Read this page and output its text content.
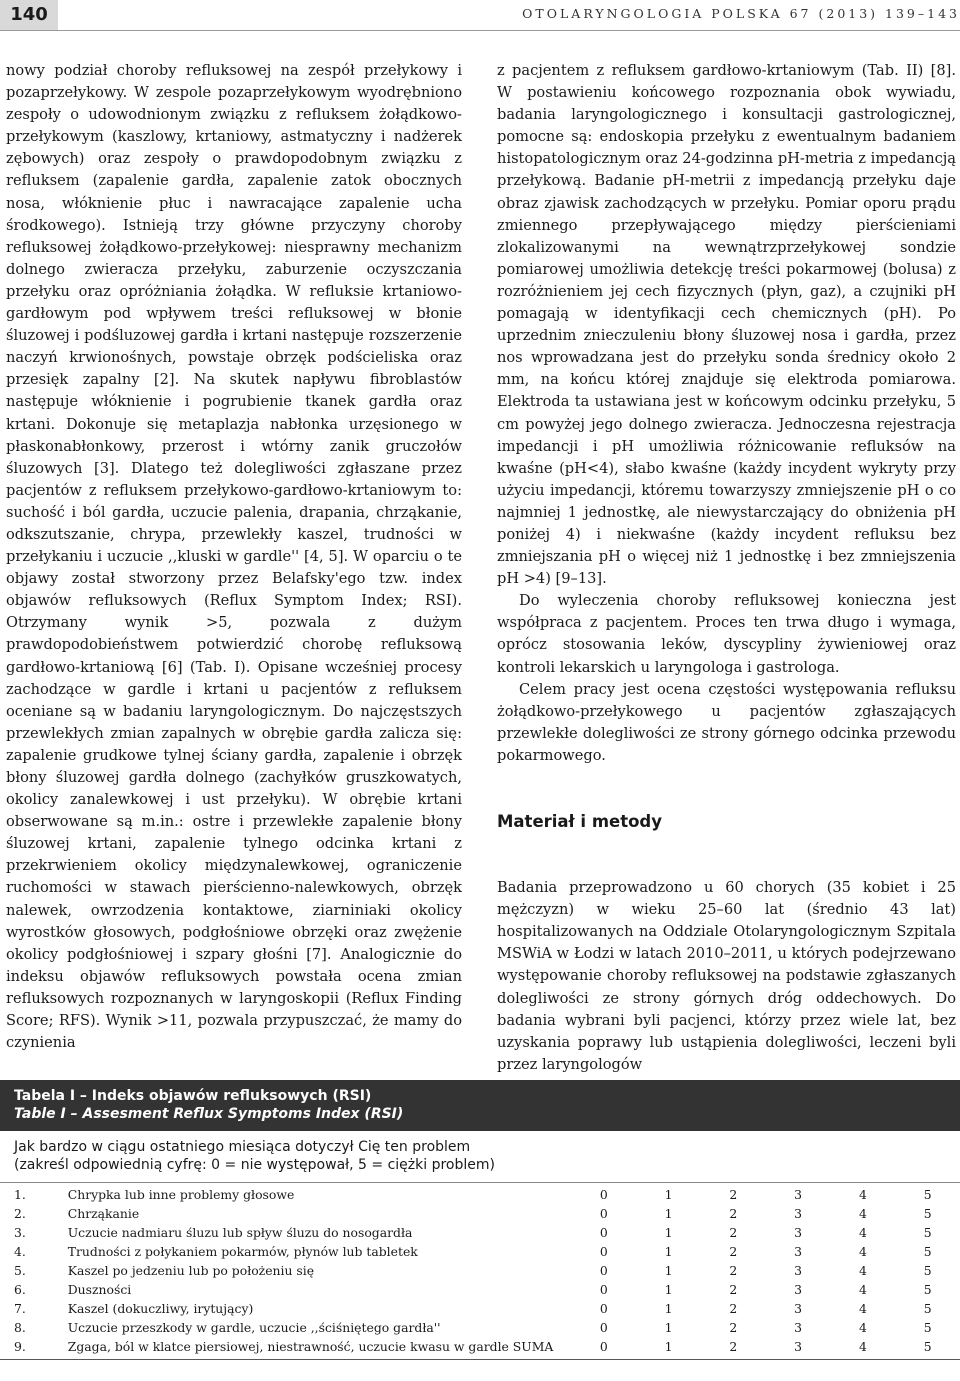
140	OTOLARYNGOLOGIA POLSKA 67 (2013) 139–143

nowy podział choroby refluksowej na zespół przełykowy i pozaprzełykowy. W zespole pozaprzełykowym wyodrębniono zespoły o udowodnionym związku z refluksem żołądkowo-przełykowym (kaszlowy, krtaniowy, astmatyczny i nadżerek zębowych) oraz zespoły o prawdopodobnym związku z refluksem (zapalenie gardła, zapalenie zatok obocznych nosa, włóknienie płuc i nawracające zapalenie ucha środkowego). Istnieją trzy główne przyczyny choroby refluksowej żołądkowo-przełykowej: niesprawny mechanizm dolnego zwieracza przełyku, zaburzenie oczyszczania przełyku oraz opróżniania żołądka. W refluksie krtaniowo-gardłowym pod wpływem treści refluksowej w błonie śluzowej i podśluzowej gardła i krtani następuje rozszerzenie naczyń krwionośnych, powstaje obrzęk podścieliska oraz przesięk zapalny [2]. Na skutek napływu fibroblastów następuje włóknienie i pogrubienie tkanek gardła oraz krtani. Dokonuje się metaplazja nabłonka urzęsionego w płaskonabłonkowy, przerost i wtórny zanik gruczołów śluzowych [3]. Dlatego też dolegliwości zgłaszane przez pacjentów z refluksem przełykowo-gardłowo-krtaniowym to: suchość i ból gardła, uczucie palenia, drapania, chrząkanie, odkszutszanie, chrypa, przewlekły kaszel, trudności w przełykaniu i uczucie ,,kluski w gardle'' [4, 5]. W oparciu o te objawy został stworzony przez Belafsky'ego tzw. index objawów refluksowych (Reflux Symptom Index; RSI). Otrzymany wynik >5, pozwala z dużym prawdopodobieństwem potwierdzić chorobę refluksową gardłowo-krtaniową [6] (Tab. I). Opisane wcześniej procesy zachodzące w gardle i krtani u pacjentów z refluksem oceniane są w badaniu laryngologicznym. Do najczęstszych przewlekłych zmian zapalnych w obrębie gardła zalicza się: zapalenie grudkowe tylnej ściany gardła, zapalenie i obrzęk błony śluzowej gardła dolnego (zachyłków gruszkowatych, okolicy zanalewkowej i ust przełyku). W obrębie krtani obserwowane są m.in.: ostre i przewlekłe zapalenie błony śluzowej krtani, zapalenie tylnego odcinka krtani z przekrwieniem okolicy międzynalewkowej, ograniczenie ruchomości w stawach pierścienno-nalewkowych, obrzęk nalewek, owrzodzenia kontaktowe, ziarniniaki okolicy wyrostków głosowych, podgłośniowe obrzęki oraz zwężenie okolicy podgłośniowej i szpary głośni [7]. Analogicznie do indeksu objawów refluksowych powstała ocena zmian refluksowych rozpoznanych w laryngoskopii (Reflux Finding Score; RFS). Wynik >11, pozwala przypuszczać, że mamy do czynienia

z pacjentem z refluksem gardłowo-krtaniowym (Tab. II) [8]. W postawieniu końcowego rozpoznania obok wywiadu, badania laryngologicznego i konsultacji gastrologicznej, pomocne są: endoskopia przełyku z ewentualnym badaniem histopatologicznym oraz 24-godzinna pH-metria z impedancją przełykową. Badanie pH-metrii z impedancją przełyku daje obraz zjawisk zachodzących w przełyku. Pomiar oporu prądu zmiennego przepływającego między pierścieniami zlokalizowanymi na wewnątrzprzełykowej sondzie pomiarowej umożliwia detekcję treści pokarmowej (bolusa) z rozróżnieniem jej cech fizycznych (płyn, gaz), a czujniki pH pomagają w identyfikacji cech chemicznych (pH). Po uprzednim znieczuleniu błony śluzowej nosa i gardła, przez nos wprowadzana jest do przełyku sonda średnicy około 2 mm, na końcu której znajduje się elektroda pomiarowa. Elektroda ta ustawiana jest w końcowym odcinku przełyku, 5 cm powyżej jego dolnego zwieracza. Jednoczesna rejestracja impedancji i pH umożliwia różnicowanie refluksów na kwaśne (pH<4), słabo kwaśne (każdy incydent wykryty przy użyciu impedancji, któremu towarzyszy zmniejszenie pH o co najmniej 1 jednostkę, ale niewystarczający do obniżenia pH poniżej 4) i niekwaśne (każdy incydent refluksu bez zmniejszania pH o więcej niż 1 jednostkę i bez zmniejszenia pH >4) [9–13].

Do wyleczenia choroby refluksowej konieczna jest współpraca z pacjentem. Proces ten trwa długo i wymaga, oprócz stosowania leków, dyscypliny żywieniowej oraz kontroli lekarskich u laryngologa i gastrologa.

Celem pracy jest ocena częstości występowania refluksu żołądkowo-przełykowego u pacjentów zgłaszających przewlekłe dolegliwości ze strony górnego odcinka przewodu pokarmowego.

Materiał i metody

Badania przeprowadzono u 60 chorych (35 kobiet i 25 mężczyzn) w wieku 25–60 lat (średnio 43 lat) hospitalizowanych na Oddziale Otolaryngologicznym Szpitala MSWiA w Łodzi w latach 2010–2011, u których podejrzewano występowanie choroby refluksowej na podstawie zgłaszanych dolegliwości ze strony górnych dróg oddechowych. Do badania wybrani byli pacjenci, którzy przez wiele lat, bez uzyskania poprawy lub ustąpienia dolegliwości, leczeni byli przez laryngologów

Tabela I – Indeks objawów refluksowych (RSI)
Table I – Assesment Reflux Symptoms Index (RSI)
Jak bardzo w ciągu ostatniego miesiąca dotyczył Cię ten problem
(zakreśl odpowiednią cyfrę: 0 = nie występował, 5 = ciężki problem)
1.	Chrypka lub inne problemy głosowe	0	1	2	3	4	5
2.	Chrząkanie	0	1	2	3	4	5
3.	Uczucie nadmiaru śluzu lub spływ śluzu do nosogardła	0	1	2	3	4	5
4.	Trudności z połykaniem pokarmów, płynów lub tabletek	0	1	2	3	4	5
5.	Kaszel po jedzeniu lub po położeniu się	0	1	2	3	4	5
6.	Duszności	0	1	2	3	4	5
7.	Kaszel (dokuczliwy, irytujący)	0	1	2	3	4	5
8.	Uczucie przeszkody w gardle, uczucie ,,ściśniętego gardła''	0	1	2	3	4	5
9.	Zgaga, ból w klatce piersiowej, niestrawność, uczucie kwasu w gardle SUMA	0	1	2	3	4	5
